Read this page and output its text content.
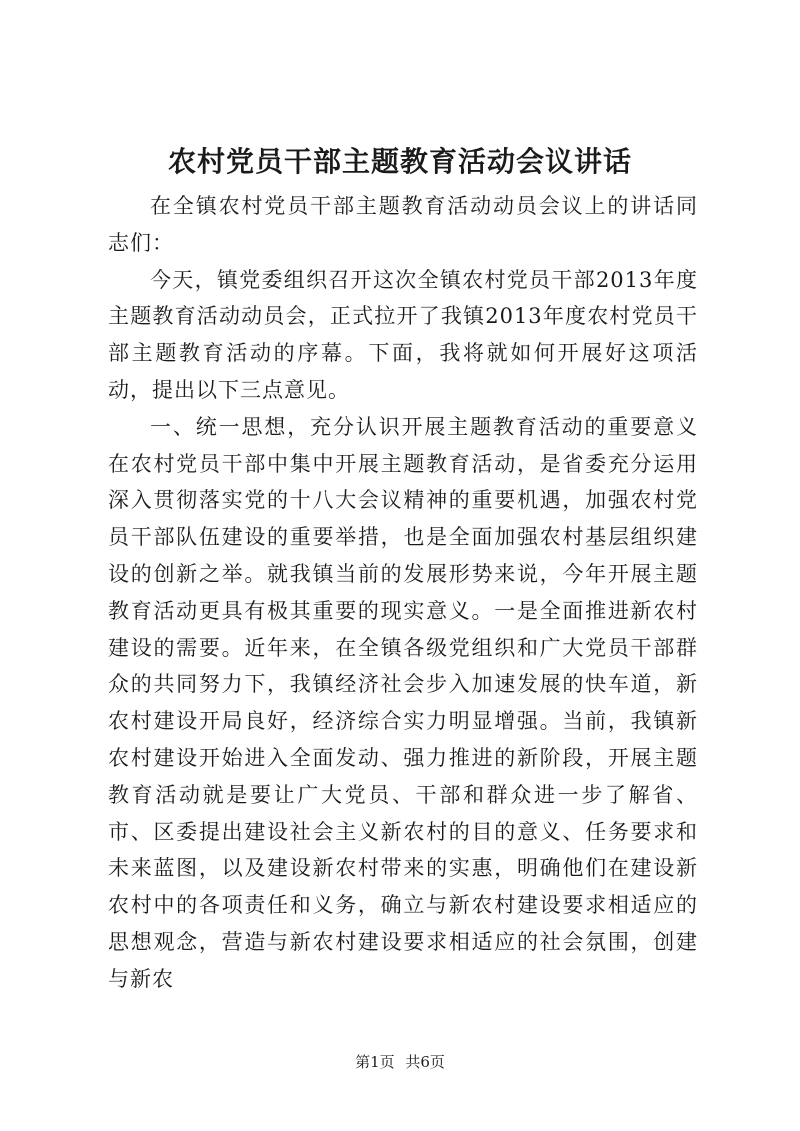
农村党员干部主题教育活动会议讲话

在全镇农村党员干部主题教育活动动员会议上的讲话同志们：

今天，镇党委组织召开这次全镇农村党员干部2013年度主题教育活动动员会，正式拉开了我镇2013年度农村党员干部主题教育活动的序幕。下面，我将就如何开展好这项活动，提出以下三点意见。

一、统一思想，充分认识开展主题教育活动的重要意义在农村党员干部中集中开展主题教育活动，是省委充分运用深入贯彻落实党的十八大会议精神的重要机遇，加强农村党员干部队伍建设的重要举措，也是全面加强农村基层组织建设的创新之举。就我镇当前的发展形势来说，今年开展主题教育活动更具有极其重要的现实意义。一是全面推进新农村建设的需要。近年来，在全镇各级党组织和广大党员干部群众的共同努力下，我镇经济社会步入加速发展的快车道，新农村建设开局良好，经济综合实力明显增强。当前，我镇新农村建设开始进入全面发动、强力推进的新阶段，开展主题教育活动就是要让广大党员、干部和群众进一步了解省、市、区委提出建设社会主义新农村的目的意义、任务要求和未来蓝图，以及建设新农村带来的实惠，明确他们在建设新农村中的各项责任和义务，确立与新农村建设要求相适应的思想观念，营造与新农村建设要求相适应的社会氛围，创建与新农

第1页 共6页
